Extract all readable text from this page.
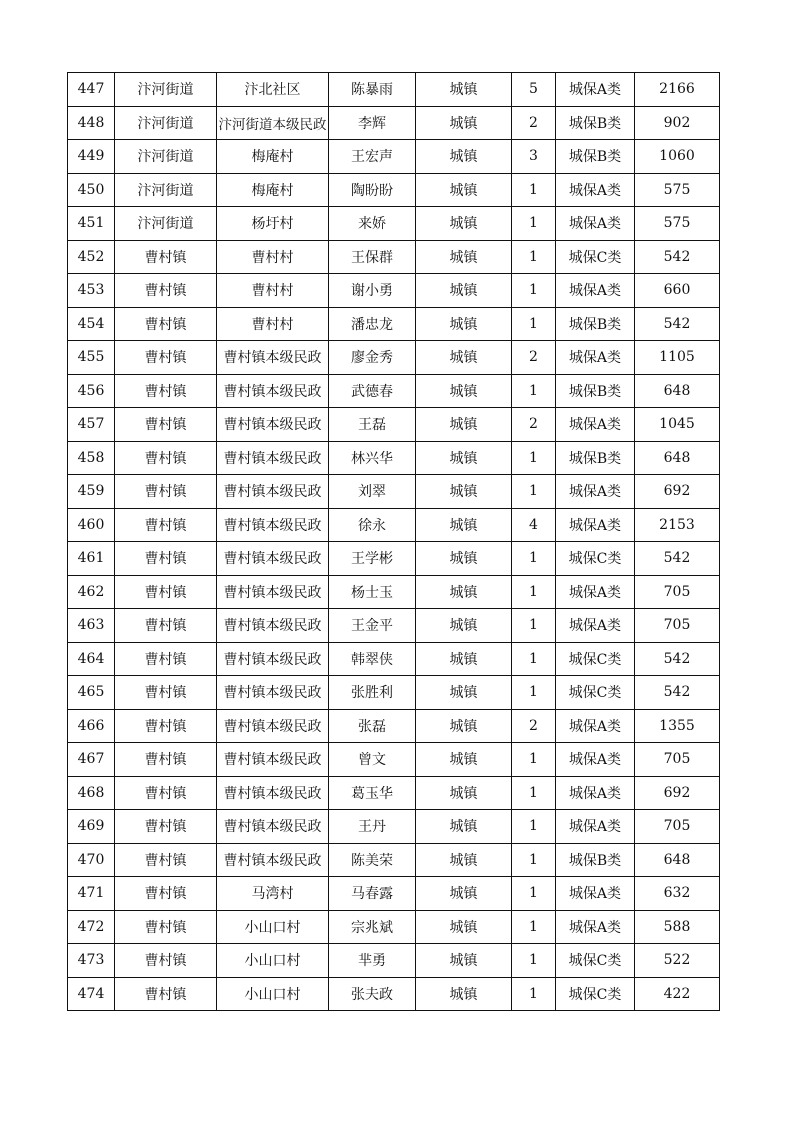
447	汴河街道	汴北社区	陈暴雨	城镇	5	城保A类	2166
448	汴河街道	汴河街道本级民政	李辉	城镇	2	城保B类	902
449	汴河街道	梅庵村	王宏声	城镇	3	城保B类	1060
450	汴河街道	梅庵村	陶盼盼	城镇	1	城保A类	575
451	汴河街道	杨圩村	来娇	城镇	1	城保A类	575
452	曹村镇	曹村村	王保群	城镇	1	城保C类	542
453	曹村镇	曹村村	谢小勇	城镇	1	城保A类	660
454	曹村镇	曹村村	潘忠龙	城镇	1	城保B类	542
455	曹村镇	曹村镇本级民政	廖金秀	城镇	2	城保A类	1105
456	曹村镇	曹村镇本级民政	武德春	城镇	1	城保B类	648
457	曹村镇	曹村镇本级民政	王磊	城镇	2	城保A类	1045
458	曹村镇	曹村镇本级民政	林兴华	城镇	1	城保B类	648
459	曹村镇	曹村镇本级民政	刘翠	城镇	1	城保A类	692
460	曹村镇	曹村镇本级民政	徐永	城镇	4	城保A类	2153
461	曹村镇	曹村镇本级民政	王学彬	城镇	1	城保C类	542
462	曹村镇	曹村镇本级民政	杨士玉	城镇	1	城保A类	705
463	曹村镇	曹村镇本级民政	王金平	城镇	1	城保A类	705
464	曹村镇	曹村镇本级民政	韩翠侠	城镇	1	城保C类	542
465	曹村镇	曹村镇本级民政	张胜利	城镇	1	城保C类	542
466	曹村镇	曹村镇本级民政	张磊	城镇	2	城保A类	1355
467	曹村镇	曹村镇本级民政	曾文	城镇	1	城保A类	705
468	曹村镇	曹村镇本级民政	葛玉华	城镇	1	城保A类	692
469	曹村镇	曹村镇本级民政	王丹	城镇	1	城保A类	705
470	曹村镇	曹村镇本级民政	陈美荣	城镇	1	城保B类	648
471	曹村镇	马湾村	马春露	城镇	1	城保A类	632
472	曹村镇	小山口村	宗兆斌	城镇	1	城保A类	588
473	曹村镇	小山口村	芈勇	城镇	1	城保C类	522
474	曹村镇	小山口村	张夫政	城镇	1	城保C类	422
